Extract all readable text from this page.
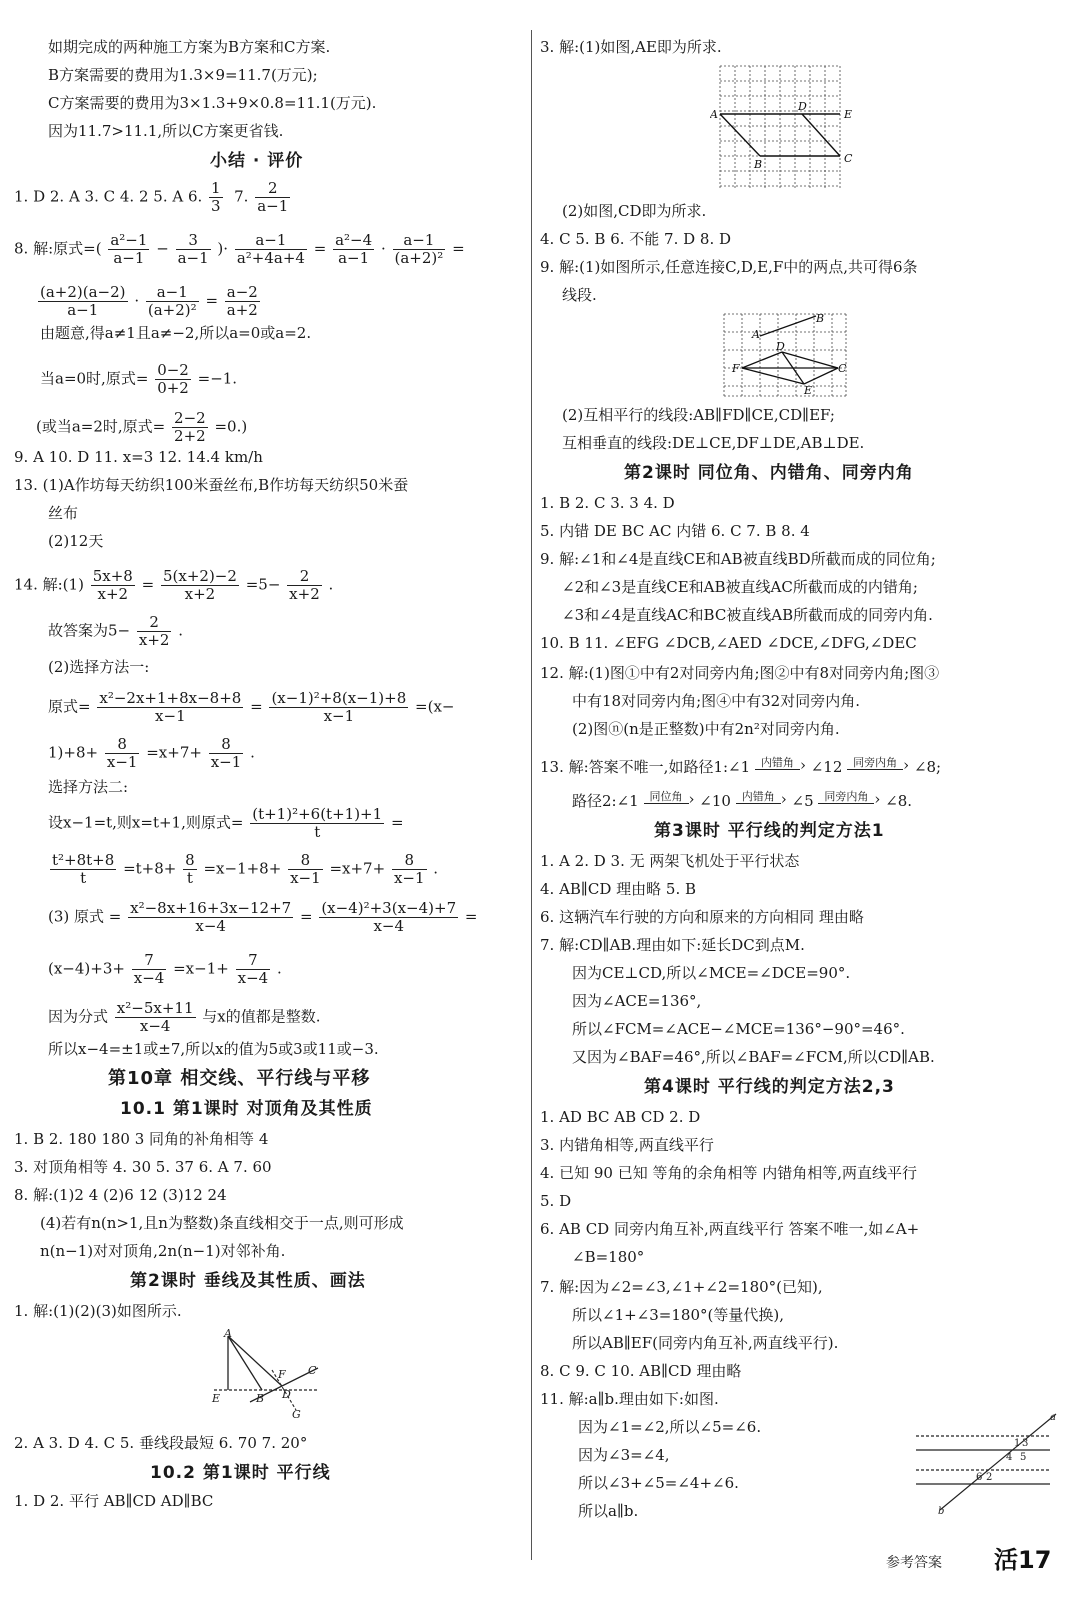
如期完成的两种施工方案为B方案和C方案.
B方案需要的费用为1.3×9=11.7(万元);
C方案需要的费用为3×1.3+9×0.8=11.1(万元).
因为11.7>11.1,所以C方案更省钱.
小结 · 评价
1. D 2. A 3. C 4. 2 5. A 6. $\frac{1}{3} 7$. $\frac{2}{a-1}$
8. 解:原式=( $\frac{\text{a²−1}}{a-1} - \frac{3}{a-1}$ )· $\frac{a-1}{\text{a²+4a+4}} = \frac{\text{a²−4}}{a-1} \cdot \frac{a-1}{\text{(a+2)²}}$ =
$\frac{(a+2)(a-2)}{a-1} \cdot \frac{a-1}{\text{(a+2)²}} = \frac{a-2}{a+2}$
由题意,得a≠1且a≠−2,所以a=0或a=2.
当a=0时,原式= $\frac{0-2}{0+2} =-1$.
(或当a=2时,原式= $\frac{2-2}{2+2} =0$.)
9. A 10. D 11. x=3 12. 14.4 km/h
13. (1)A作坊每天纺织100米蚕丝布,B作坊每天纺织50米蚕
丝布
(2)12天
14. 解:(1) $\frac{5x+8}{x+2} = \frac{5(x+2)-2}{x+2} =5- \frac{2}{x+2}$ .
故答案为$5- \frac{2}{x+2}$ .
(2)选择方法一:
原式= $\frac{\text{x²−2x+1+8x−8+8}}{x-1} = \frac{\text{(x−1)²+8(x−1)+8}}{x-1} =(x-$
$1)+8+ \frac{8}{x-1} =x+7+ \frac{8}{x-1}$ .
选择方法二:
设x−1=t,则x=t+1,则原式= $\frac{\text{(t+1)²+6(t+1)+1}}{t}$ =
$\frac{\text{t²+8t+8}}{t} =t+8+ \frac{8}{t} =x-1+8+ \frac{8}{x-1} =x+7+ \frac{8}{x-1}$ .
(3) 原式 = $\frac{\text{x²−8x+16+3x−12+7}}{x-4} = \frac{\text{(x−4)²+3(x−4)+7}}{x-4}$ =
$(x-4)+3+ \frac{7}{x-4} =x-1+ \frac{7}{x-4}$ .
因为分式 $\frac{\text{x²−5x+11}}{x-4}$ 与x的值都是整数.
所以x−4=±1或±7,所以x的值为5或3或11或−3.
第10章 相交线、平行线与平移
10.1 第1课时 对顶角及其性质
1. B 2. 180 180 3 同角的补角相等 4
3. 对顶角相等 4. 30 5. 37 6. A 7. 60
8. 解:(1)2 4 (2)6 12 (3)12 24
(4)若有n(n>1,且n为整数)条直线相交于一点,则可形成
n(n−1)对对顶角,2n(n−1)对邻补角.
第2课时 垂线及其性质、画法
1. 解:(1)(2)(3)如图所示.
A
F C
E	B D
G
2. A 3. D 4. C 5. 垂线段最短 6. 70 7. 20°
10.2 第1课时 平行线
1. D 2. 平行 AB∥CD AD∥BC
3. 解:(1)如图,AE即为所求.
A
D
E
B	C
(2)如图,CD即为所求.
4. C 5. B 6. 不能 7. D 8. D
9. 解:(1)如图所示,任意连接C,D,E,F中的两点,共可得6条
线段.
A
B
D
F
E
C
(2)互相平行的线段:AB∥FD∥CE,CD∥EF;
互相垂直的线段:DE⊥CE,DF⊥DE,AB⊥DE.
第2课时 同位角、内错角、同旁内角
1. B 2. C 3. 3 4. D
5. 内错 DE BC AC 内错 6. C 7. B 8. 4
9. 解:∠1和∠4是直线CE和AB被直线BD所截而成的同位角;
∠2和∠3是直线CE和AB被直线AC所截而成的内错角;
∠3和∠4是直线AC和BC被直线AB所截而成的同旁内角.
10. B 11. ∠EFG ∠DCB,∠AED ∠DCE,∠DFG,∠DEC
12. 解:(1)图①中有2对同旁内角;图②中有8对同旁内角;图③
中有18对同旁内角;图④中有32对同旁内角.
(2)图ⓝ(n是正整数)中有2n²对同旁内角.
13. 解:答案不唯一,如路径1:∠1 内错角 › ∠12 同旁内角 › ∠8;
路径2:∠1 同位角 › ∠10 内错角 › ∠5 同旁内角 › ∠8.
第3课时 平行线的判定方法1
1. A 2. D 3. 无 两架飞机处于平行状态
4. AB∥CD 理由略 5. B
6. 这辆汽车行驶的方向和原来的方向相同 理由略
7. 解:CD∥AB.理由如下:延长DC到点M.
因为CE⊥CD,所以∠MCE=∠DCE=90°.
因为∠ACE=136°,
所以∠FCM=∠ACE−∠MCE=136°−90°=46°.
又因为∠BAF=46°,所以∠BAF=∠FCM,所以CD∥AB.
第4课时 平行线的判定方法2,3
1. AD BC AB CD 2. D
3. 内错角相等,两直线平行
4. 已知 90 已知 等角的余角相等 内错角相等,两直线平行
5. D
6. AB CD 同旁内角互补,两直线平行 答案不唯一,如∠A+
∠B=180°
7. 解:因为∠2=∠3,∠1+∠2=180°(已知),
所以∠1+∠3=180°(等量代换),
所以AB∥EF(同旁内角互补,两直线平行).
8. C 9. C 10. AB∥CD 理由略
11. 解:a∥b.理由如下:如图.
因为∠1=∠2,所以∠5=∠6.
因为∠3=∠4,
所以∠3+∠5=∠4+∠6.
所以a∥b.
a
b
1
2
3
4 5
6
参考答案 活17
